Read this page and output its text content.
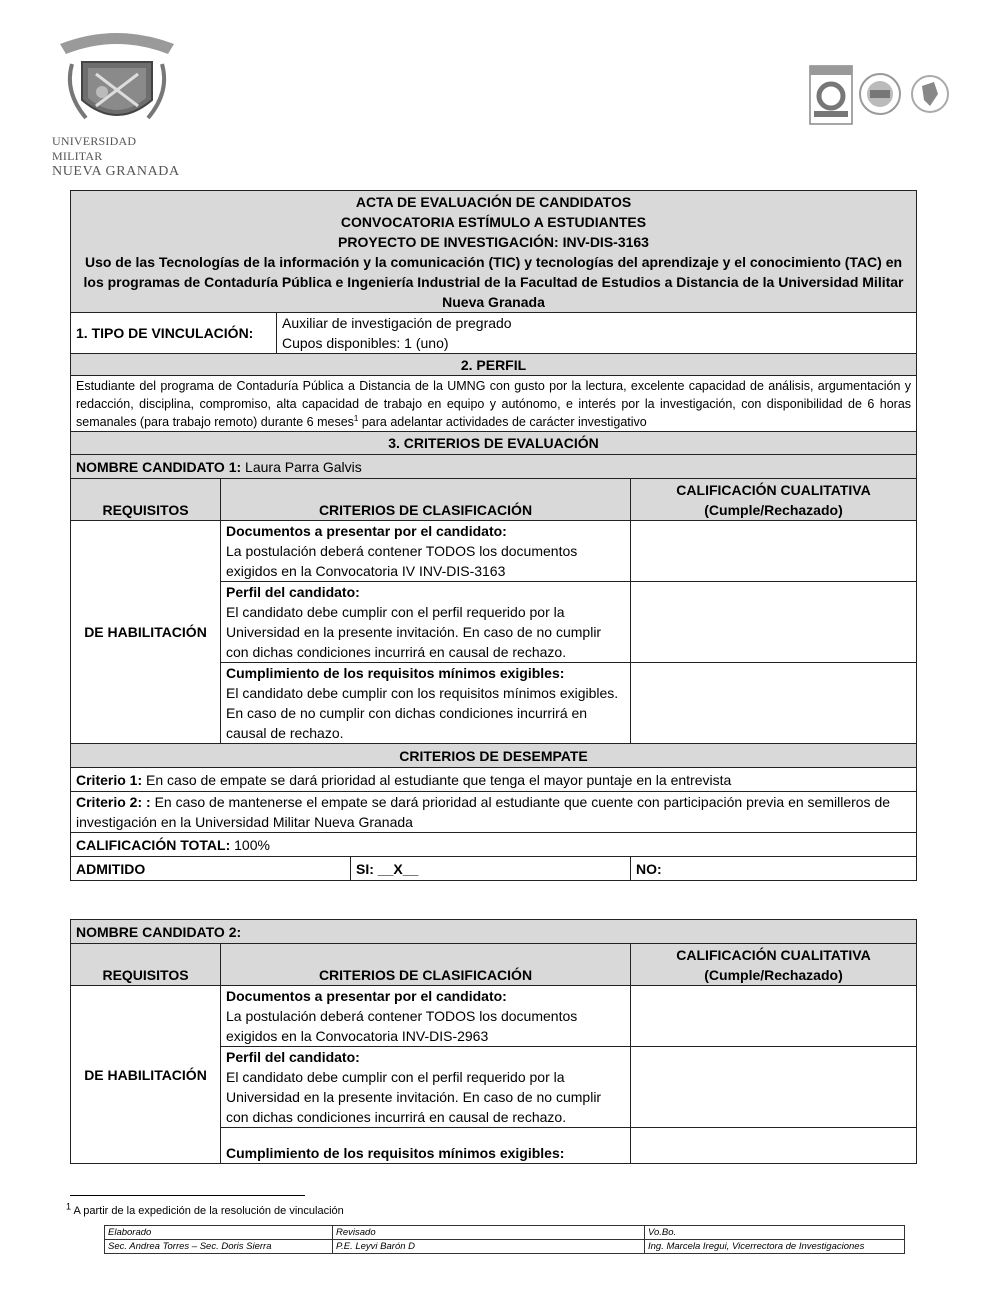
UNIVERSIDAD MILITAR
NUEVA GRANADA
ACTA DE EVALUACIÓN DE CANDIDATOS
CONVOCATORIA ESTÍMULO A ESTUDIANTES
PROYECTO DE INVESTIGACIÓN: INV-DIS-3163
Uso de las Tecnologías de la información y la comunicación (TIC) y tecnologías del aprendizaje y el conocimiento (TAC) en los programas de Contaduría Pública e Ingeniería Industrial de la Facultad de Estudios a Distancia de la Universidad Militar Nueva Granada				

1. TIPO DE VINCULACIÓN:		Auxiliar de investigación de pregrado
Cupos disponibles: 1 (uno)		

2. PERFIL				
Estudiante del programa de Contaduría Pública a Distancia de la UMNG con gusto por la lectura, excelente capacidad de análisis, argumentación y redacción, disciplina, compromiso, alta capacidad de trabajo en equipo y autónomo, e interés por la investigación, con disponibilidad de 6 horas semanales (para trabajo remoto) durante 6 meses$^1$ para adelantar actividades de carácter investigativo				
3. CRITERIOS DE EVALUACIÓN				
NOMBRE CANDIDATO 1: Laura Parra Galvis				
REQUISITOS	CRITERIOS DE CLASIFICACIÓN			CALIFICACIÓN CUALITATIVA
(Cumple/Rechazado)

DE HABILITACIÓN	Documentos a presentar por el candidato:
La postulación deberá contener TODOS los documentos exigidos en la Convocatoria IV INV-DIS-3163			

	Perfil del candidato:
El candidato debe cumplir con el perfil requerido por la Universidad en la presente invitación. En caso de no cumplir con dichas condiciones incurrirá en causal de rechazo.			

	Cumplimiento de los requisitos mínimos exigibles:
El candidato debe cumplir con los requisitos mínimos exigibles. En caso de no cumplir con dichas condiciones incurrirá en causal de rechazo.			

CRITERIOS DE DESEMPATE				
Criterio 1: En caso de empate se dará prioridad al estudiante que tenga el mayor puntaje en la entrevista				
Criterio 2: : En caso de mantenerse el empate se dará prioridad al estudiante que cuente con participación previa en semilleros de investigación en la Universidad Militar Nueva Granada				
CALIFICACIÓN TOTAL: 100%				
ADMITIDO			SI: __X__	NO:
NOMBRE CANDIDATO 2:		
REQUISITOS	CRITERIOS DE CLASIFICACIÓN	CALIFICACIÓN CUALITATIVA
(Cumple/Rechazado)

DE HABILITACIÓN	Documentos a presentar por el candidato:
La postulación deberá contener TODOS los documentos exigidos en la Convocatoria INV-DIS-2963	

	Perfil del candidato:
El candidato debe cumplir con el perfil requerido por la Universidad en la presente invitación. En caso de no cumplir con dichas condiciones incurrirá en causal de rechazo.	

	Cumplimiento de los requisitos mínimos exigibles:	
$^1$ A partir de la expedición de la resolución de vinculación
Elaborado	Revisado	Vo.Bo.
Sec. Andrea Torres – Sec. Doris Sierra	P.E. Leyvi Barón D	Ing. Marcela Iregui, Vicerrectora de Investigaciones
